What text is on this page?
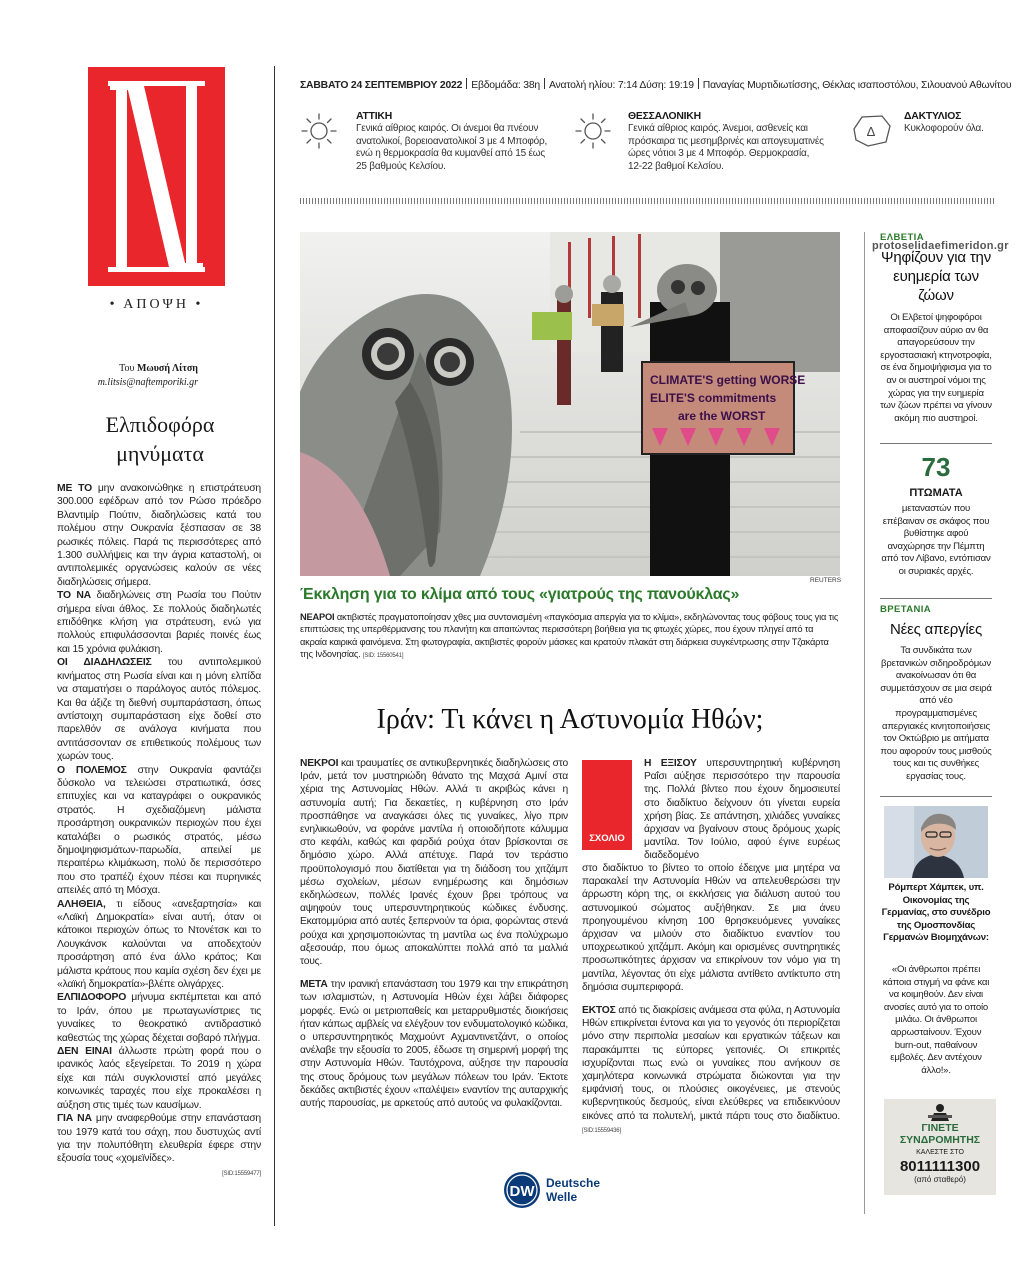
• ΑΠΟΨΗ •
Του Μωυσή Λίτση
m.litsis@naftemporiki.gr
Ελπιδοφόρα μηνύματα

ΜΕ ΤΟ μην ανακοινώθηκε η επιστράτευση 300.000 εφέδρων από τον Ρώσο πρόεδρο Βλαντιμίρ Πούτιν, διαδηλώσεις κατά του πολέμου στην Ουκρανία ξέσπασαν σε 38 ρωσικές πόλεις. Παρά τις περισσότερες από 1.300 συλλήψεις και την άγρια καταστολή, οι αντιπολεμικές οργανώσεις καλούν σε νέες διαδηλώσεις σήμερα.

ΤΟ ΝΑ διαδηλώνεις στη Ρωσία του Πούτιν σήμερα είναι άθλος. Σε πολλούς διαδηλωτές επιδόθηκε κλήση για στράτευση, ενώ για πολλούς επιφυλάσσονται βαριές ποινές έως και 15 χρόνια φυλάκιση.

ΟΙ ΔΙΑΔΗΛΩΣΕΙΣ του αντιπολεμικού κινήματος στη Ρωσία είναι και η μόνη ελπίδα να σταματήσει ο παράλογος αυτός πόλεμος. Και θα άξιζε τη διεθνή συμπαράσταση, όπως αντίστοιχη συμπαράσταση είχε δοθεί στο παρελθόν σε ανάλογα κινήματα που αντιτάσσονταν σε επιθετικούς πολέμους των χωρών τους.

Ο ΠΟΛΕΜΟΣ στην Ουκρανία φαντάζει δύσκολο να τελειώσει στρατιωτικά, όσες επιτυχίες και να καταγράφει ο ουκρανικός στρατός. Η σχεδιαζόμενη μάλιστα προσάρτηση ουκρανικών περιοχών που έχει καταλάβει ο ρωσικός στρατός, μέσω δημοψηφισμάτων-παρωδία, απειλεί με περαιτέρω κλιμάκωση, πολύ δε περισσότερο που στο τραπέζι έχουν πέσει και πυρηνικές απειλές από τη Μόσχα.

ΑΛΗΘΕΙΑ, τι είδους «ανεξαρτησία» και «Λαϊκή Δημοκρατία» είναι αυτή, όταν οι κάτοικοι περιοχών όπως το Ντονέτσκ και το Λουγκάνσκ καλούνται να αποδεχτούν προσάρτηση από ένα άλλο κράτος; Και μάλιστα κράτους που καμία σχέση δεν έχει με «λαϊκή δημοκρατία»-βλέπε ολιγάρχες.

ΕΛΠΙΔΟΦΟΡΟ μήνυμα εκπέμπεται και από το Ιράν, όπου με πρωταγωνίστριες τις γυναίκες το θεοκρατικό αντιδραστικό καθεστώς της χώρας δέχεται σοβαρό πλήγμα.

ΔΕΝ ΕΙΝΑΙ άλλωστε πρώτη φορά που ο ιρανικός λαός εξεγείρεται. Το 2019 η χώρα είχε και πάλι συγκλονιστεί από μεγάλες κοινωνικές ταραχές που είχε προκαλέσει η αύξηση στις τιμές των καυσίμων.

ΓΙΑ ΝΑ μην αναφερθούμε στην επανάσταση του 1979 κατά του σάχη, που δυστυχώς αντί για την πολυπόθητη ελευθερία έφερε στην εξουσία τους «χομεϊνίδες».

[SID:15559477]

ΣΑΒΒΑΤΟ 24 ΣΕΠΤΕΜΒΡΙΟΥ 2022 Εβδομάδα: 38η Ανατολή ηλίου: 7:14 Δύση: 19:19 Παναγίας Μυρτιδιωτίσσης, Θέκλας ισαποστόλου, Σιλουανού Αθωνίτου
ΑΤΤΙΚΗ
Γενικά αίθριος καιρός. Οι άνεμοι θα πνέουν ανατολικοί, βορειοανατολικοί 3 με 4 Μποφόρ, ενώ η θερμοκρασία θα κυμανθεί από 15 έως 25 βαθμούς Κελσίου.
ΘΕΣΣΑΛΟΝΙΚΗ
Γενικά αίθριος καιρός. Άνεμοι, ασθενείς και πρόσκαιρα τις μεσημβρινές και απογευματινές ώρες νότιοι 3 με 4 Μποφόρ. Θερμοκρασία, 12-22 βαθμοί Κελσίου.
Δ
ΔΑΚΤΥΛΙΟΣ
Κυκλοφορούν όλα.
CLIMATE'S getting WORSE
ELITE'S commitments
are the WORST
REUTERS
Έκκληση για το κλίμα από τους «γιατρούς της πανούκλας»
ΝΕΑΡΟΙ ακτιβιστές πραγματοποίησαν χθες μια συντονισμένη «παγκόσμια απεργία για το κλίμα», εκδηλώνοντας τους φόβους τους για τις επιπτώσεις της υπερθέρμανσης του πλανήτη και απαιτώντας περισσότερη βοήθεια για τις φτωχές χώρες, που έχουν πληγεί από τα ακραία καιρικά φαινόμενα. Στη φωτογραφία, ακτιβιστές φορούν μάσκες και κρατούν πλακάτ στη διάρκεια συγκέντρωσης στην Τζακάρτα της Ινδονησίας. [SID: 15560541]
Ιράν: Τι κάνει η Αστυνομία Ηθών;

ΝΕΚΡΟΙ και τραυματίες σε αντικυβερνητικές διαδηλώσεις στο Ιράν, μετά τον μυστηριώδη θάνατο της Μαχσά Αμινί στα χέρια της Αστυνομίας Ηθών. Αλλά τι ακριβώς κάνει η αστυνομία αυτή; Για δεκαετίες, η κυβέρνηση στο Ιράν προσπάθησε να αναγκάσει όλες τις γυναίκες, λίγο πριν ενηλικιωθούν, να φοράνε μαντίλα ή οποιοδήποτε κάλυμμα στο κεφάλι, καθώς και φαρδιά ρούχα όταν βρίσκονται σε δημόσιο χώρο. Αλλά απέτυχε. Παρά τον τεράστιο προϋπολογισμό που διατίθεται για τη διάδοση του χιτζάμπ μέσω σχολείων, μέσων ενημέρωσης και δημόσιων εκδηλώσεων, πολλές Ιρανές έχουν βρει τρόπους να αψηφούν τους υπερσυντηρητικούς κώδικες ένδυσης. Εκατομμύρια από αυτές ξεπερνούν τα όρια, φορώντας στενά ρούχα και χρησιμοποιώντας τη μαντίλα ως ένα πολύχρωμο αξεσουάρ, που όμως αποκαλύπτει πολλά από τα μαλλιά τους.

ΜΕΤΑ την ιρανική επανάσταση του 1979 και την επικράτηση των ισλαμιστών, η Αστυνομία Ηθών έχει λάβει διάφορες μορφές. Ενώ οι μετριοπαθείς και μεταρρυθμιστές διοικήσεις ήταν κάπως αμβλείς να ελέγξουν τον ενδυματολογικό κώδικα, ο υπερσυντηρητικός Μαχμούντ Αχμαντινετζάντ, ο οποίος ανέλαβε την εξουσία το 2005, έδωσε τη σημερινή μορφή της στην Αστυνομία Ηθών. Ταυτόχρονα, αύξησε την παρουσία της στους δρόμους των μεγάλων πόλεων του Ιράν. Έκτοτε δεκάδες ακτιβιστές έχουν «παλέψει» εναντίον της αυταρχικής αυτής παρουσίας, με αρκετούς από αυτούς να φυλακίζονται.

ΣΧΟΛΙΟ

Η ΕΞΙΣΟΥ υπερσυντηρητική κυβέρνηση Ραΐσι αύξησε περισσότερο την παρουσία της. Πολλά βίντεο που έχουν δημοσιευτεί στο διαδίκτυο δείχνουν ότι γίνεται ευρεία χρήση βίας. Σε απάντηση, χιλιάδες γυναίκες άρχισαν να βγαίνουν στους δρόμους χωρίς μαντίλα. Τον Ιούλιο, αφού έγινε ευρέως διαδεδομένο

στο διαδίκτυο το βίντεο το οποίο έδειχνε μια μητέρα να παρακαλεί την Αστυνομία Ηθών να απελευθερώσει την άρρωστη κόρη της, οι εκκλήσεις για διάλυση αυτού του αστυνομικού σώματος αυξήθηκαν. Σε μια άνευ προηγουμένου κίνηση 100 θρησκευόμενες γυναίκες άρχισαν να μιλούν στο διαδίκτυο εναντίον του υποχρεωτικού χιτζάμπ. Ακόμη και ορισμένες συντηρητικές προσωπικότητες άρχισαν να επικρίνουν τον νόμο για τη μαντίλα, λέγοντας ότι είχε μάλιστα αντίθετο αντίκτυπο στη δημόσια συμπεριφορά.

ΕΚΤΟΣ από τις διακρίσεις ανάμεσα στα φύλα, η Αστυνομία Ηθών επικρίνεται έντονα και για το γεγονός ότι περιορίζεται μόνο στην περιπολία μεσαίων και εργατικών τάξεων και παρακάμπτει τις εύπορες γειτονιές. Οι επικριτές ισχυρίζονται πως ενώ οι γυναίκες που ανήκουν σε χαμηλότερα κοινωνικά στρώματα διώκονται για την εμφάνισή τους, οι πλούσιες οικογένειες, με στενούς κυβερνητικούς δεσμούς, είναι ελεύθερες να επιδεικνύουν εικόνες από τα πολυτελή, μικτά πάρτι τους στο διαδίκτυο. [SID:15559436]

DW Deutsche
Welle
ΕΛΒΕΤΙΑ
protoselidaefimeridon.gr
Ψηφίζουν για την ευημερία των ζώων
Οι Ελβετοί ψηφοφόροι αποφασίζουν αύριο αν θα απαγορεύσουν την εργοστασιακή κτηνοτροφία, σε ένα δημοψήφισμα για το αν οι αυστηροί νόμοι της χώρας για την ευημερία των ζώων πρέπει να γίνουν ακόμη πιο αυστηροί.
73
ΠΤΩΜΑΤΑ
μεταναστών που επέβαιναν σε σκάφος που βυθίστηκε αφού αναχώρησε την Πέμπτη από τον Λίβανο, εντόπισαν οι συριακές αρχές.
ΒΡΕΤΑΝΙΑ
Νέες απεργίες
Τα συνδικάτα των βρετανικών σιδηροδρόμων ανακοίνωσαν ότι θα συμμετάσχουν σε μια σειρά από νέο προγραμματισμένες απεργιακές κινητοποιήσεις τον Οκτώβριο με αιτήματα που αφορούν τους μισθούς τους και τις συνθήκες εργασίας τους.
Ρόμπερτ Χάμπεκ, υπ. Οικονομίας της Γερμανίας, στο συνέδριο της Ομοσπονδίας Γερμανών Βιομηχάνων:
«Οι άνθρωποι πρέπει κάποια στιγμή να φάνε και να κοιμηθούν. Δεν είναι ανοσίες αυτό για το οποίο μιλάω. Οι άνθρωποι αρρωσταίνουν. Έχουν burn-out, παθαίνουν εμβολές. Δεν αντέχουν άλλο!».
ΓΙΝΕΤΕ
ΣΥΝΔΡΟΜΗΤΗΣ
ΚΑΛΕΣΤΕ ΣΤΟ
8011111300
(από σταθερό)
